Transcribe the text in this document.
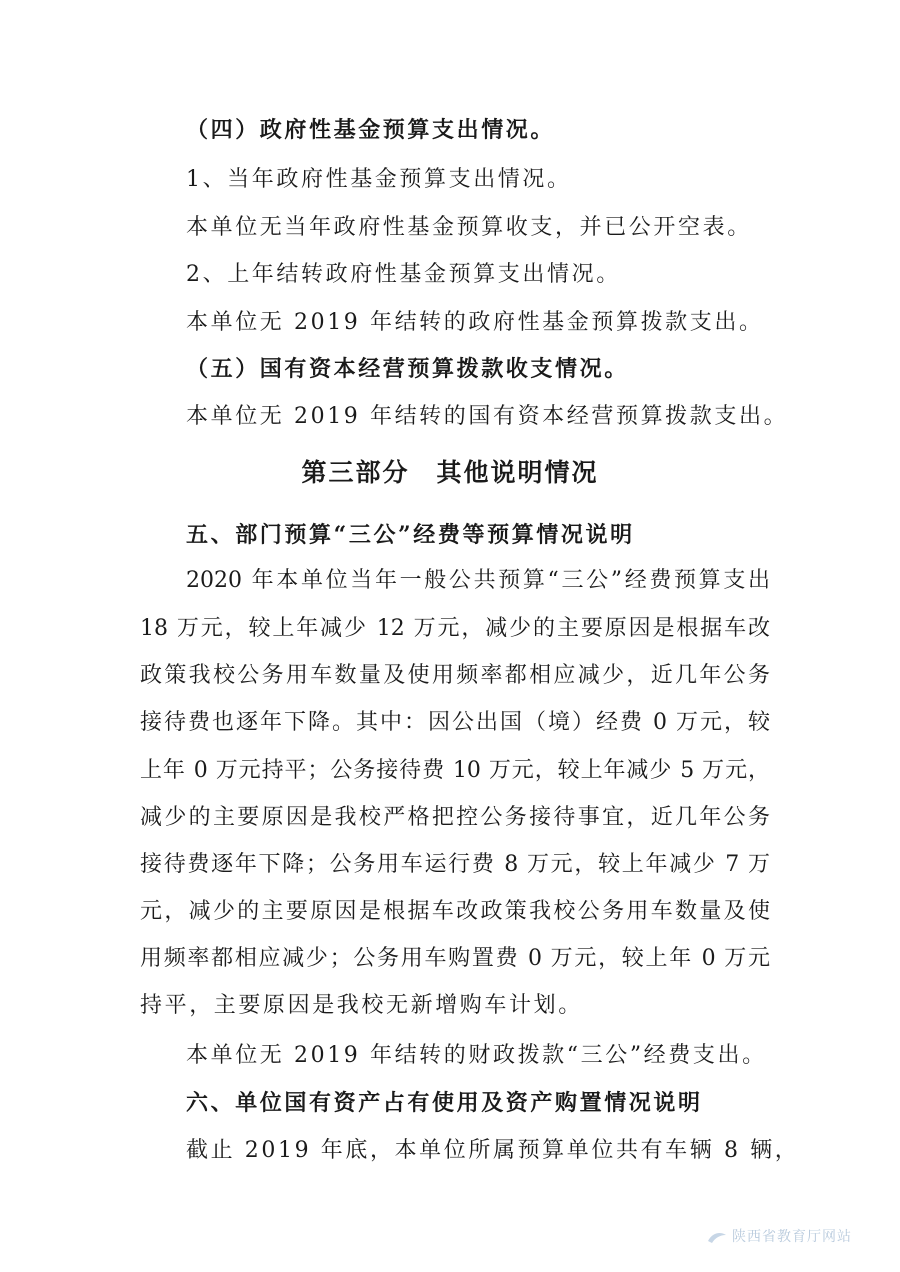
（四）政府性基金预算支出情况。
1、当年政府性基金预算支出情况。
本单位无当年政府性基金预算收支，并已公开空表。
2、上年结转政府性基金预算支出情况。
本单位无 2019 年结转的政府性基金预算拨款支出。
（五）国有资本经营预算拨款收支情况。
本单位无 2019 年结转的国有资本经营预算拨款支出。
第三部分　其他说明情况
五、部门预算“三公”经费等预算情况说明
2020 年本单位当年一般公共预算“三公”经费预算支出
18 万元，较上年减少 12 万元，减少的主要原因是根据车改
政策我校公务用车数量及使用频率都相应减少，近几年公务
接待费也逐年下降。其中：因公出国（境）经费 0 万元，较
上年 0 万元持平；公务接待费 10 万元，较上年减少 5 万元，
减少的主要原因是我校严格把控公务接待事宜，近几年公务
接待费逐年下降；公务用车运行费 8 万元，较上年减少 7 万
元，减少的主要原因是根据车改政策我校公务用车数量及使
用频率都相应减少；公务用车购置费 0 万元，较上年 0 万元
持平，主要原因是我校无新增购车计划。
本单位无 2019 年结转的财政拨款“三公”经费支出。
六、单位国有资产占有使用及资产购置情况说明
截止 2019 年底，本单位所属预算单位共有车辆 8 辆，
陕西省教育厅网站
